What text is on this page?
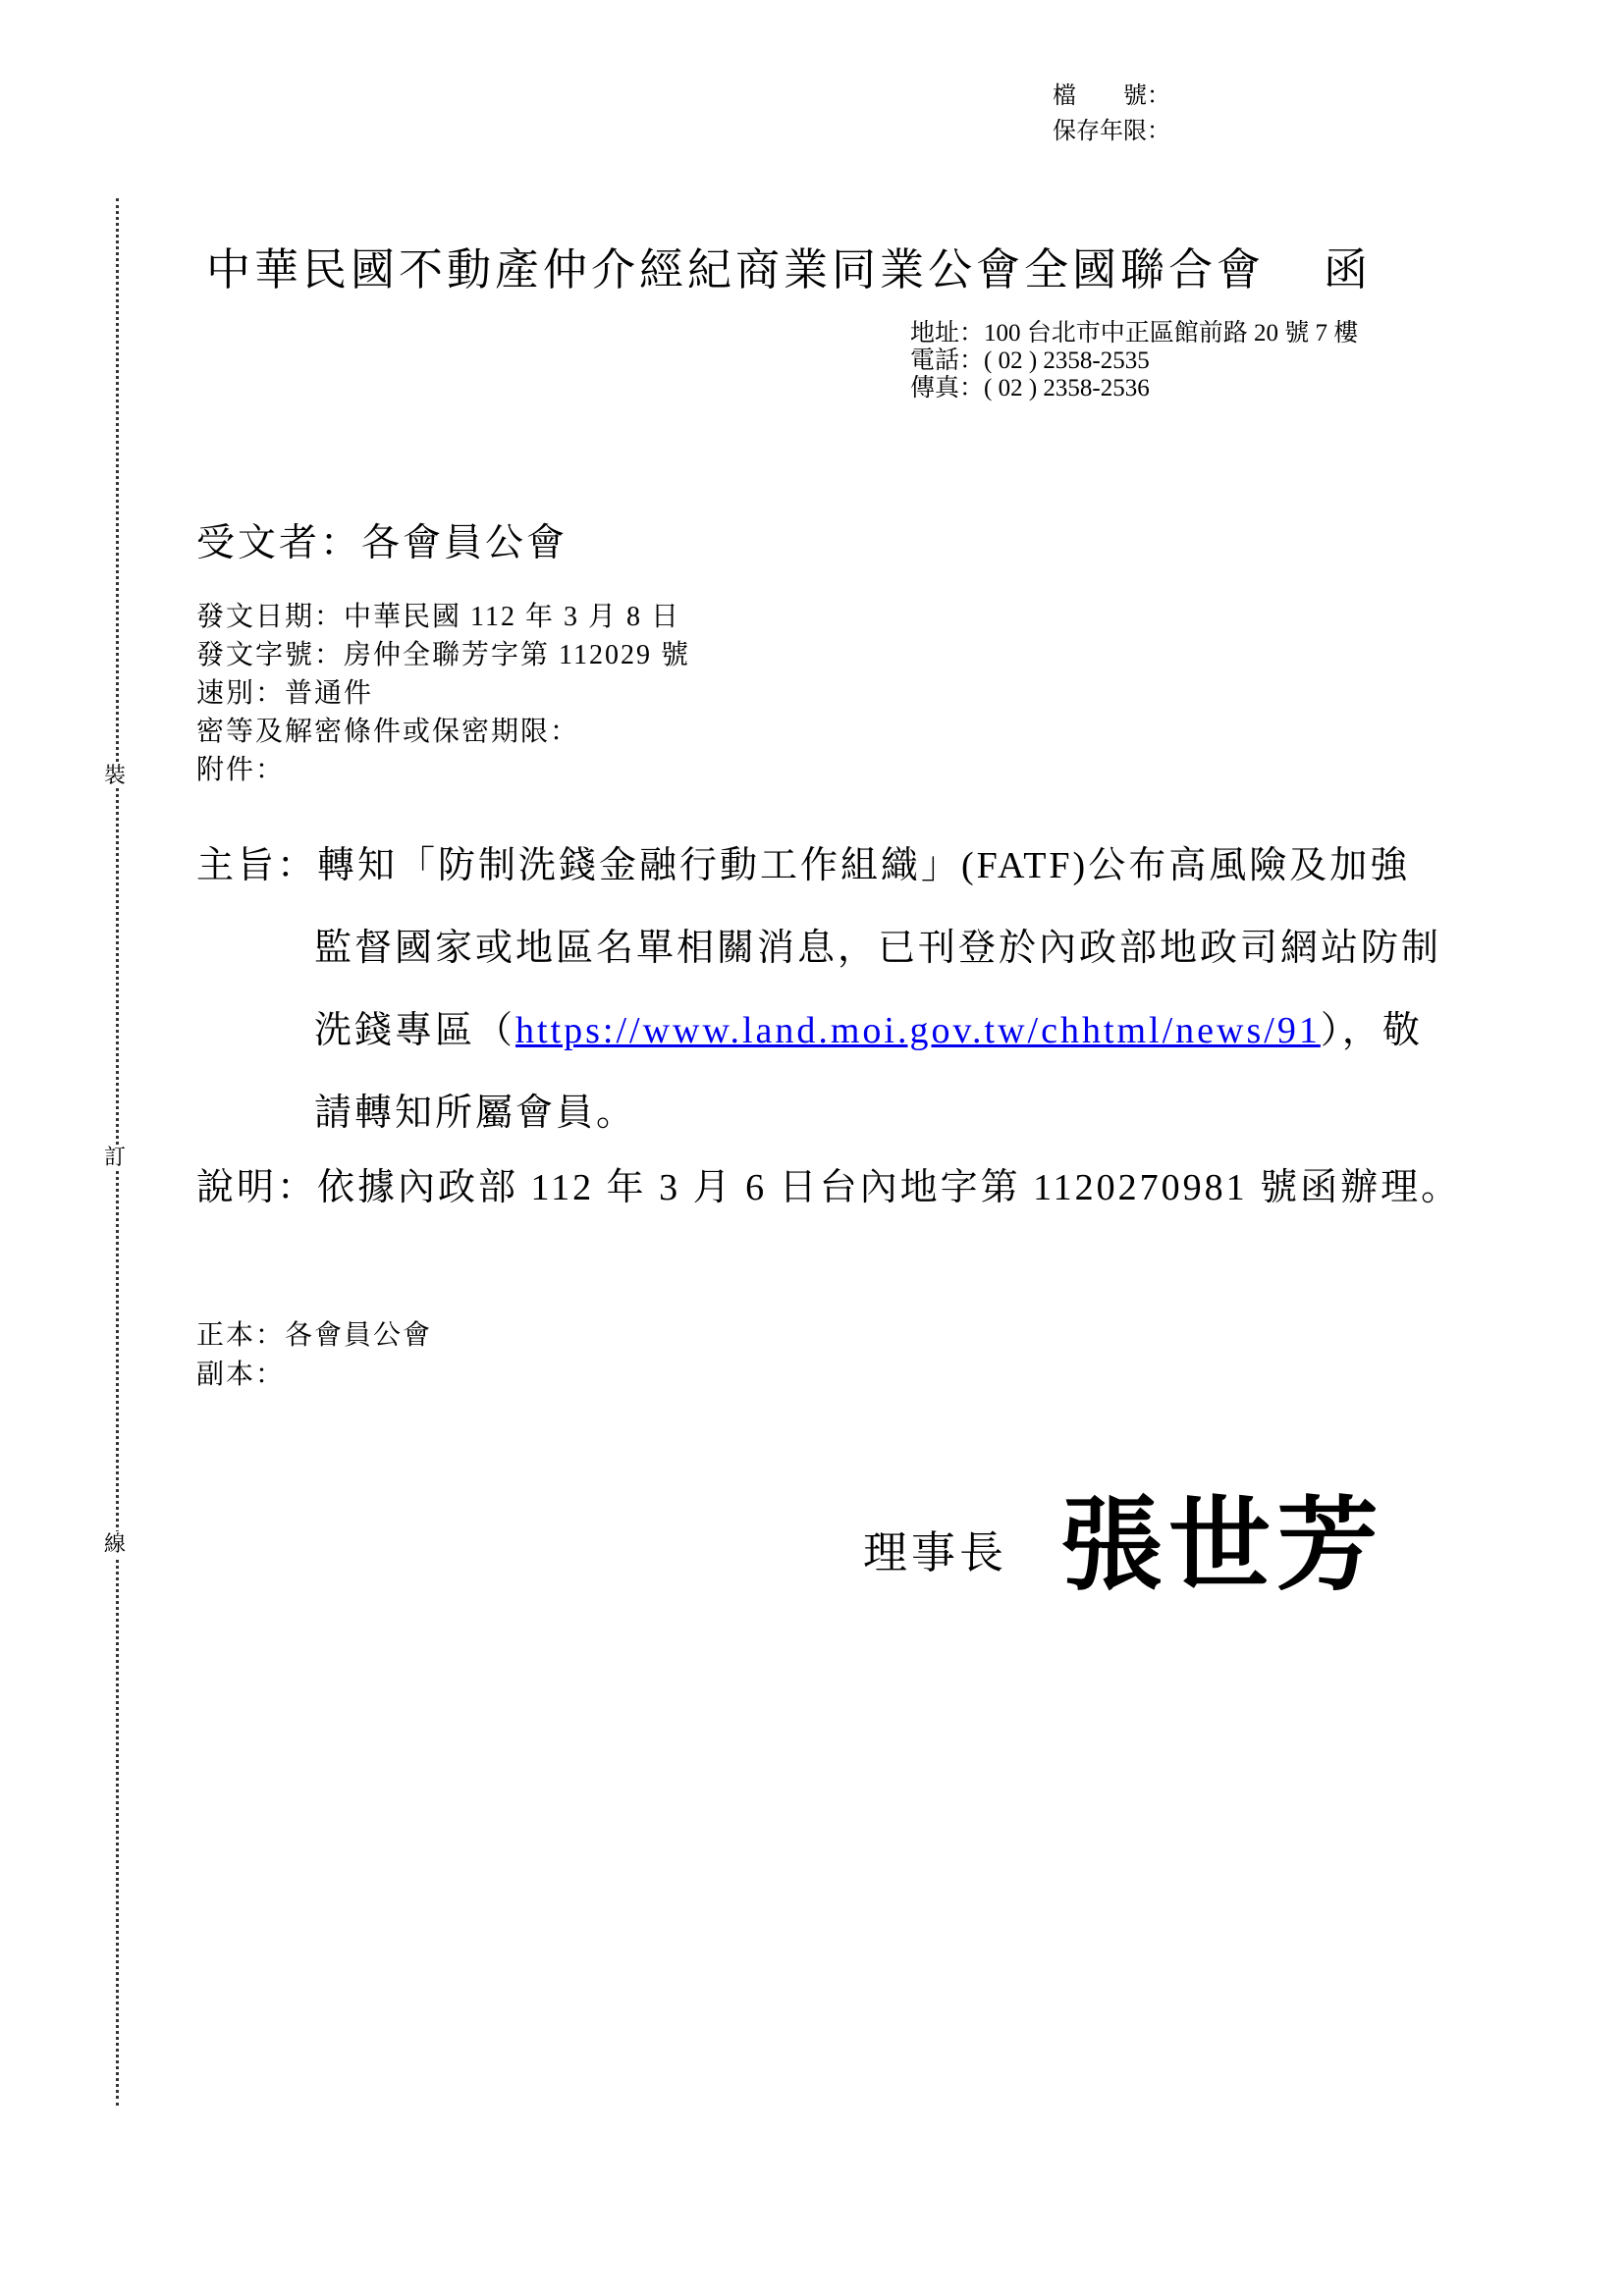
裝
訂
線
檔　　號：
保存年限：
中華民國不動產仲介經紀商業同業公會全國聯合會 函
地址：100 台北市中正區館前路 20 號 7 樓
電話：( 02 ) 2358-2535
傳真：( 02 ) 2358-2536
受文者：各會員公會
發文日期：中華民國 112 年 3 月 8 日
發文字號：房仲全聯芳字第 112029 號
速別：普通件
密等及解密條件或保密期限：
附件：
主旨： 轉知「防制洗錢金融行動工作組織」(FATF)公布高風險及加強監督國家或地區名單相關消息，已刊登於內政部地政司網站防制洗錢專區（https://www.land.moi.gov.tw/chhtml/news/91），敬請轉知所屬會員。
說明：依據內政部 112 年 3 月 6 日台內地字第 1120270981 號函辦理。
正本：各會員公會
副本：
理事長 張世芳
